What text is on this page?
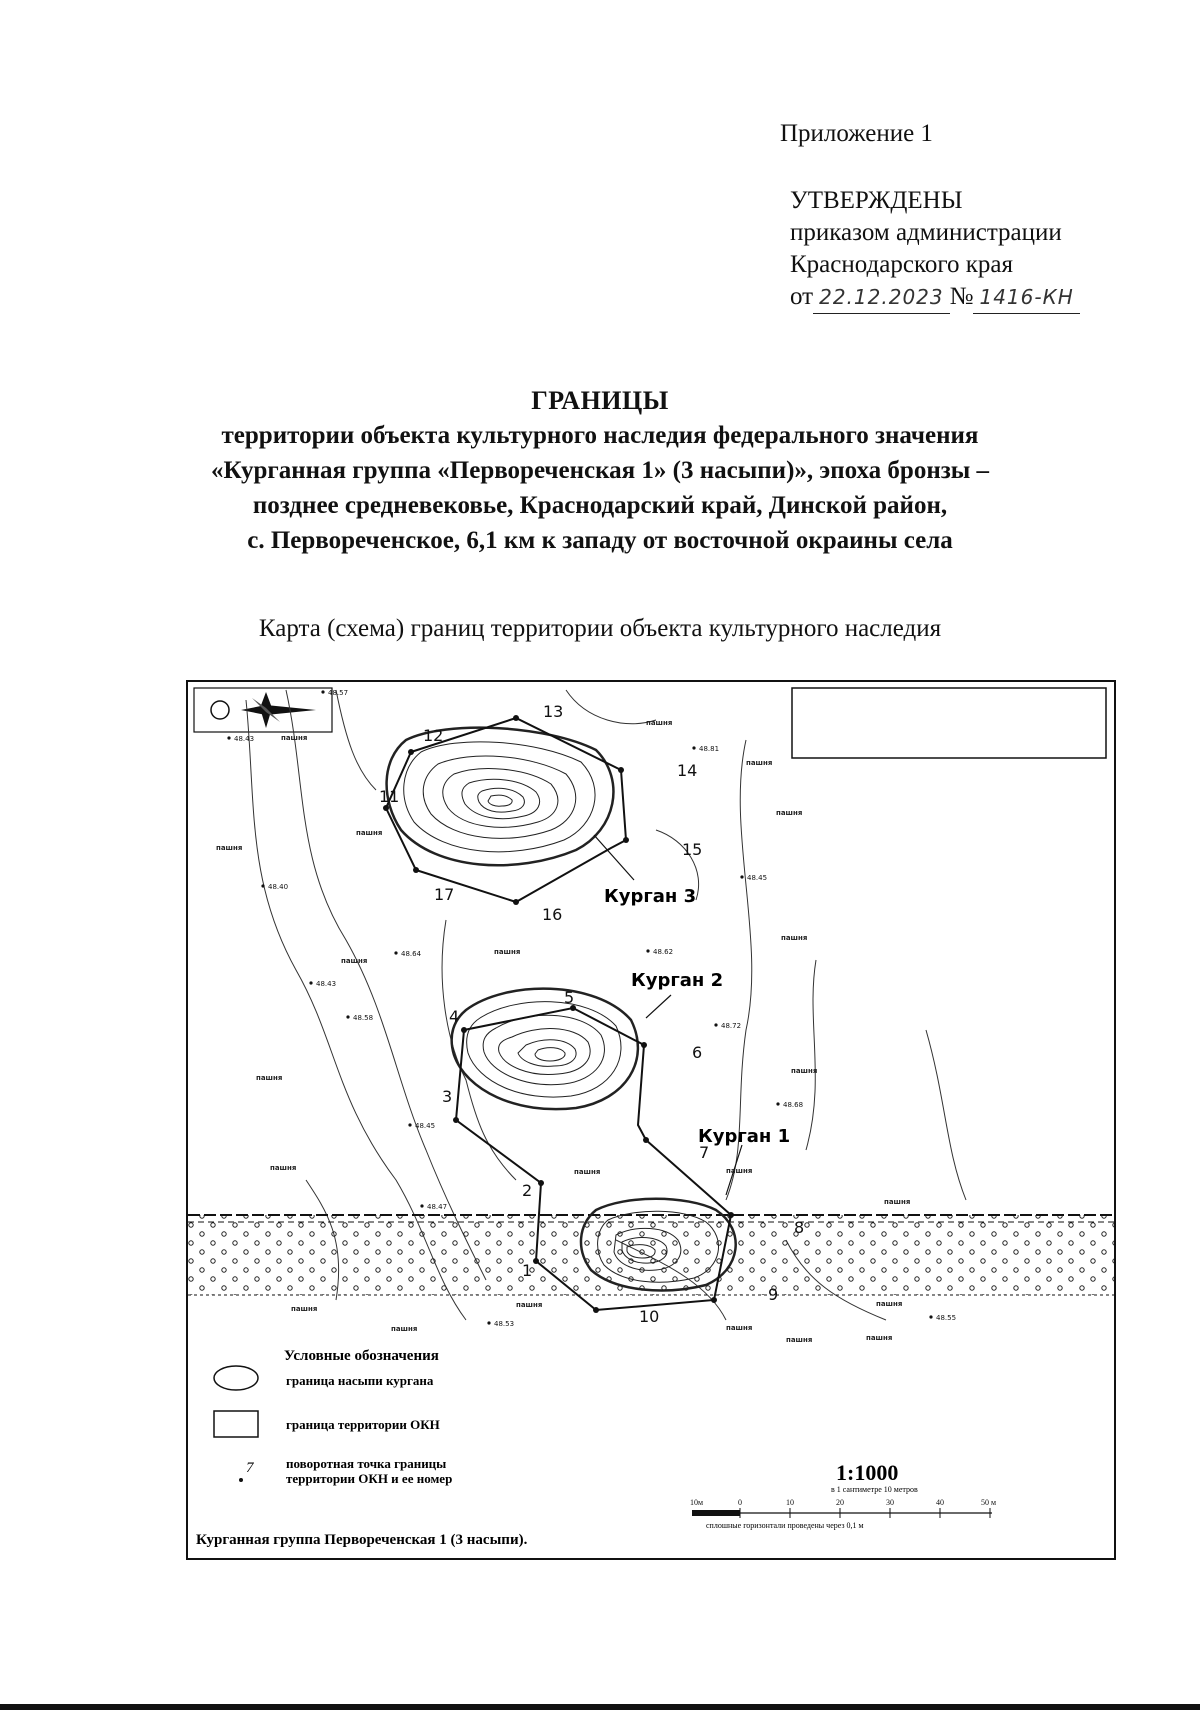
Приложение 1
УТВЕРЖДЕНЫ
приказом администрации
Краснодарского края
от 22.12.2023 № 1416-КН
ГРАНИЦЫ
территории объекта культурного наследия федерального значения
«Курганная группа «Первореченская 1» (3 насыпи)», эпоха бронзы –
позднее средневековье, Краснодарский край, Динской район,
с. Первореченское, 6,1 км к западу от восточной окраины села
Карта (схема) границ территории объекта культурного наследия
1
2
3
4
5
6
7
8
9
10
11
12
13
14
15
16
17	Курган 3
Курган 2
Курган 1
пашня
пашня
пашня
пашня
пашня
пашня
пашня
пашня
пашня
пашня
пашня
пашня	пашня	пашня
пашня
пашня	пашня
пашня
пашня
пашня
пашня
пашня
48.57
48.43
48.81
48.45
48.40
48.43
48.58
48.64	48.62
48.72
48.68
48.45
48.47
48.53
48.55
Условные обозначения
граница насыпи кургана
граница территории ОКН
7	поворотная точка границы
территории ОКН и ее номер	1:1000
в 1 сантиметре 10 метров
10м	0	10	20	30	40	50 м
сплошные горизонтали проведены через 0,1 м
Курганная группа Первореченская 1 (3 насыпи).
